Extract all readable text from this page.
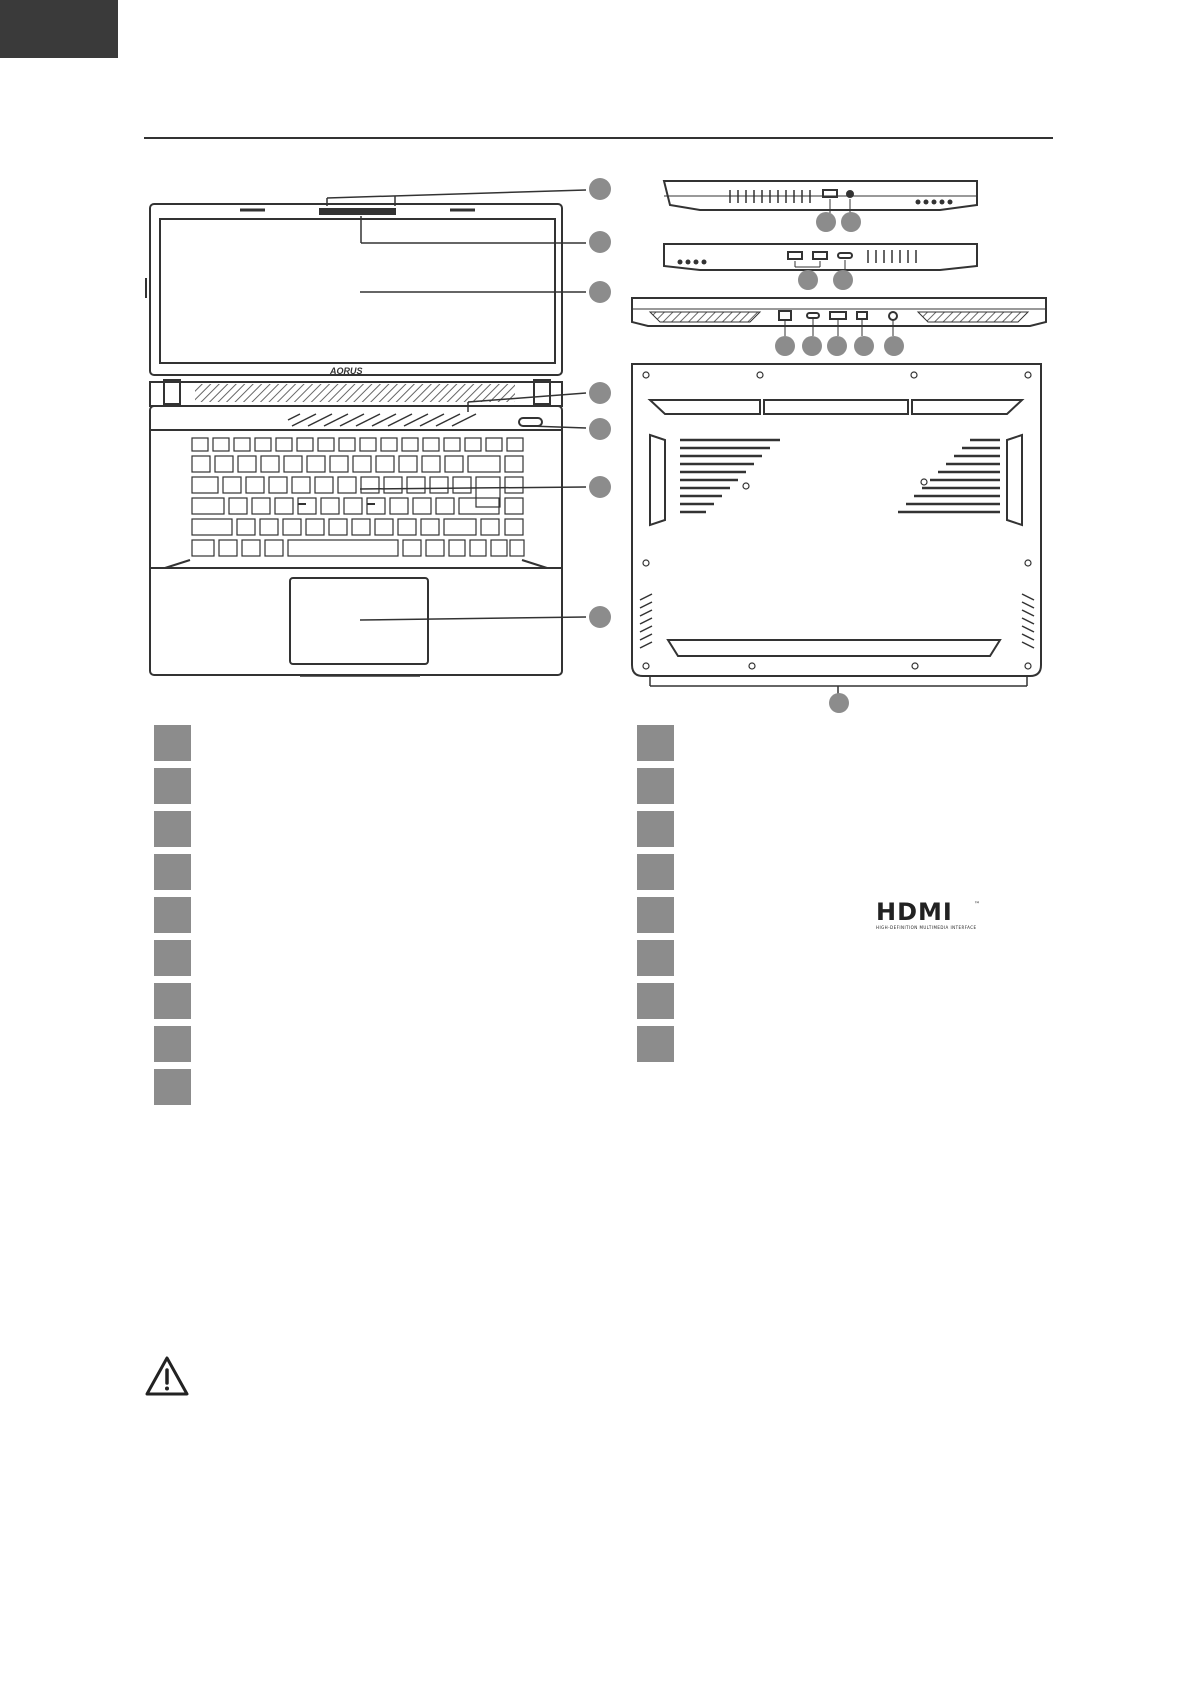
AORUS
HDMI	™
HIGH-DEFINITION MULTIMEDIA INTERFACE
